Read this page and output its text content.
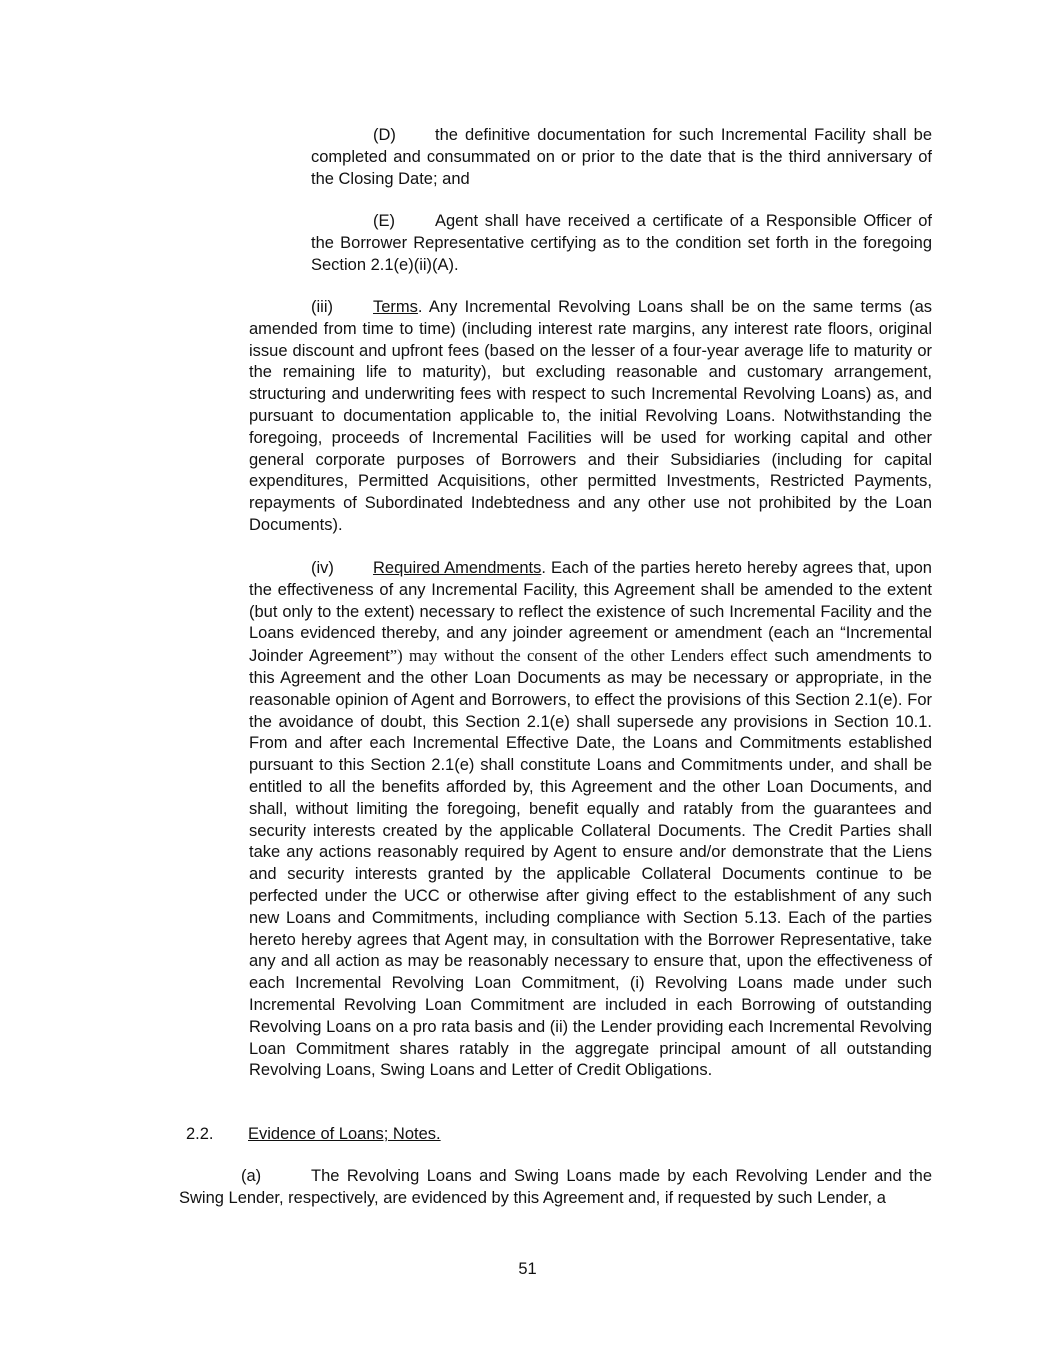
(D) the definitive documentation for such Incremental Facility shall be completed and consummated on or prior to the date that is the third anniversary of the Closing Date; and

(E) Agent shall have received a certificate of a Responsible Officer of the Borrower Representative certifying as to the condition set forth in the foregoing Section 2.1(e)(ii)(A).

(iii) Terms. Any Incremental Revolving Loans shall be on the same terms (as amended from time to time) (including interest rate margins, any interest rate floors, original issue discount and upfront fees (based on the lesser of a four-year average life to maturity or the remaining life to maturity), but excluding reasonable and customary arrangement, structuring and underwriting fees with respect to such Incremental Revolving Loans) as, and pursuant to documentation applicable to, the initial Revolving Loans. Notwithstanding the foregoing, proceeds of Incremental Facilities will be used for working capital and other general corporate purposes of Borrowers and their Subsidiaries (including for capital expenditures, Permitted Acquisitions, other permitted Investments, Restricted Payments, repayments of Subordinated Indebtedness and any other use not prohibited by the Loan Documents).

(iv) Required Amendments. Each of the parties hereto hereby agrees that, upon the effectiveness of any Incremental Facility, this Agreement shall be amended to the extent (but only to the extent) necessary to reflect the existence of such Incremental Facility and the Loans evidenced thereby, and any joinder agreement or amendment (each an “Incremental Joinder Agreement”) may without the consent of the other Lenders effect such amendments to this Agreement and the other Loan Documents as may be necessary or appropriate, in the reasonable opinion of Agent and Borrowers, to effect the provisions of this Section 2.1(e). For the avoidance of doubt, this Section 2.1(e) shall supersede any provisions in Section 10.1. From and after each Incremental Effective Date, the Loans and Commitments established pursuant to this Section 2.1(e) shall constitute Loans and Commitments under, and shall be entitled to all the benefits afforded by, this Agreement and the other Loan Documents, and shall, without limiting the foregoing, benefit equally and ratably from the guarantees and security interests created by the applicable Collateral Documents. The Credit Parties shall take any actions reasonably required by Agent to ensure and/or demonstrate that the Liens and security interests granted by the applicable Collateral Documents continue to be perfected under the UCC or otherwise after giving effect to the establishment of any such new Loans and Commitments, including compliance with Section 5.13. Each of the parties hereto hereby agrees that Agent may, in consultation with the Borrower Representative, take any and all action as may be reasonably necessary to ensure that, upon the effectiveness of each Incremental Revolving Loan Commitment, (i) Revolving Loans made under such Incremental Revolving Loan Commitment are included in each Borrowing of outstanding Revolving Loans on a pro rata basis and (ii) the Lender providing each Incremental Revolving Loan Commitment shares ratably in the aggregate principal amount of all outstanding Revolving Loans, Swing Loans and Letter of Credit Obligations.

2.2. Evidence of Loans; Notes.

(a)	The Revolving Loans and Swing Loans made by each Revolving Lender and the Swing Lender, respectively, are evidenced by this Agreement and, if requested by such Lender, a

51
